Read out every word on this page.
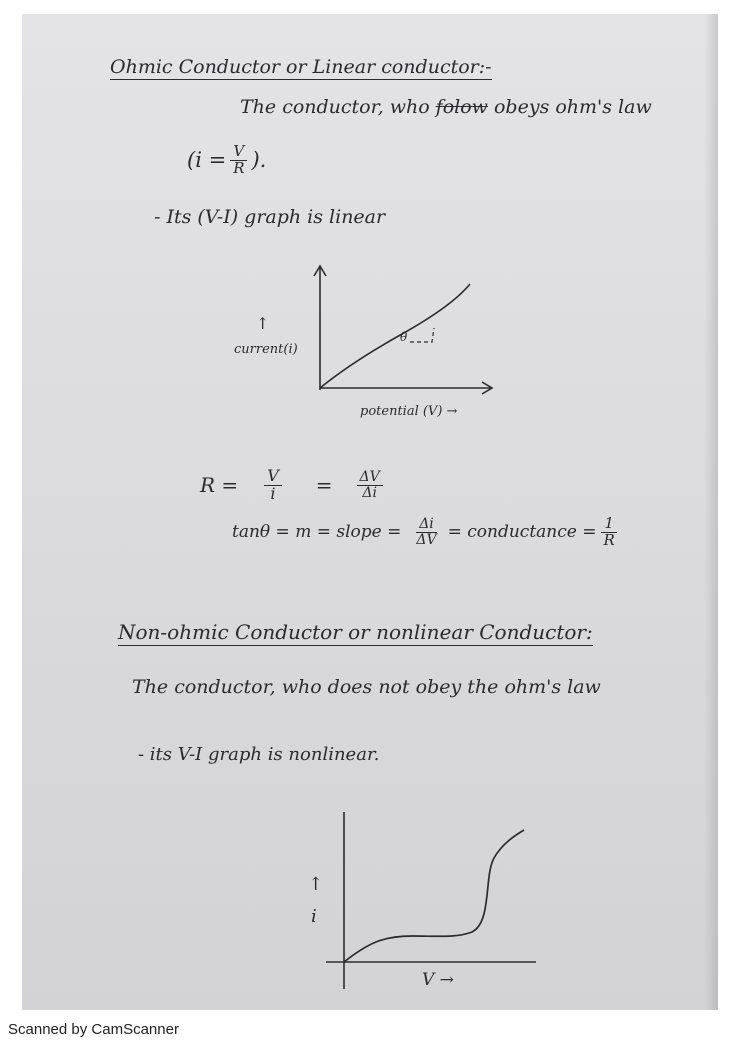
Ohmic Conductor or Linear conductor:-
The conductor, who folow obeys ohm's law
($i = \frac{V}{R}$ ).
- Its (V-I) graph is linear
θ
↑
current(i)
potential (V) →
$R = \frac{V}{i} = \frac{\Delta V}{\Delta i}$
tanθ = m = slope = $\frac{\Delta i}{\Delta V}$ = conductance = $\frac{1}{R}$
Non-ohmic Conductor or nonlinear Conductor:
The conductor, who does not obey the ohm's law
- its V-I graph is nonlinear.
↑
i
V →
Scanned by CamScanner
